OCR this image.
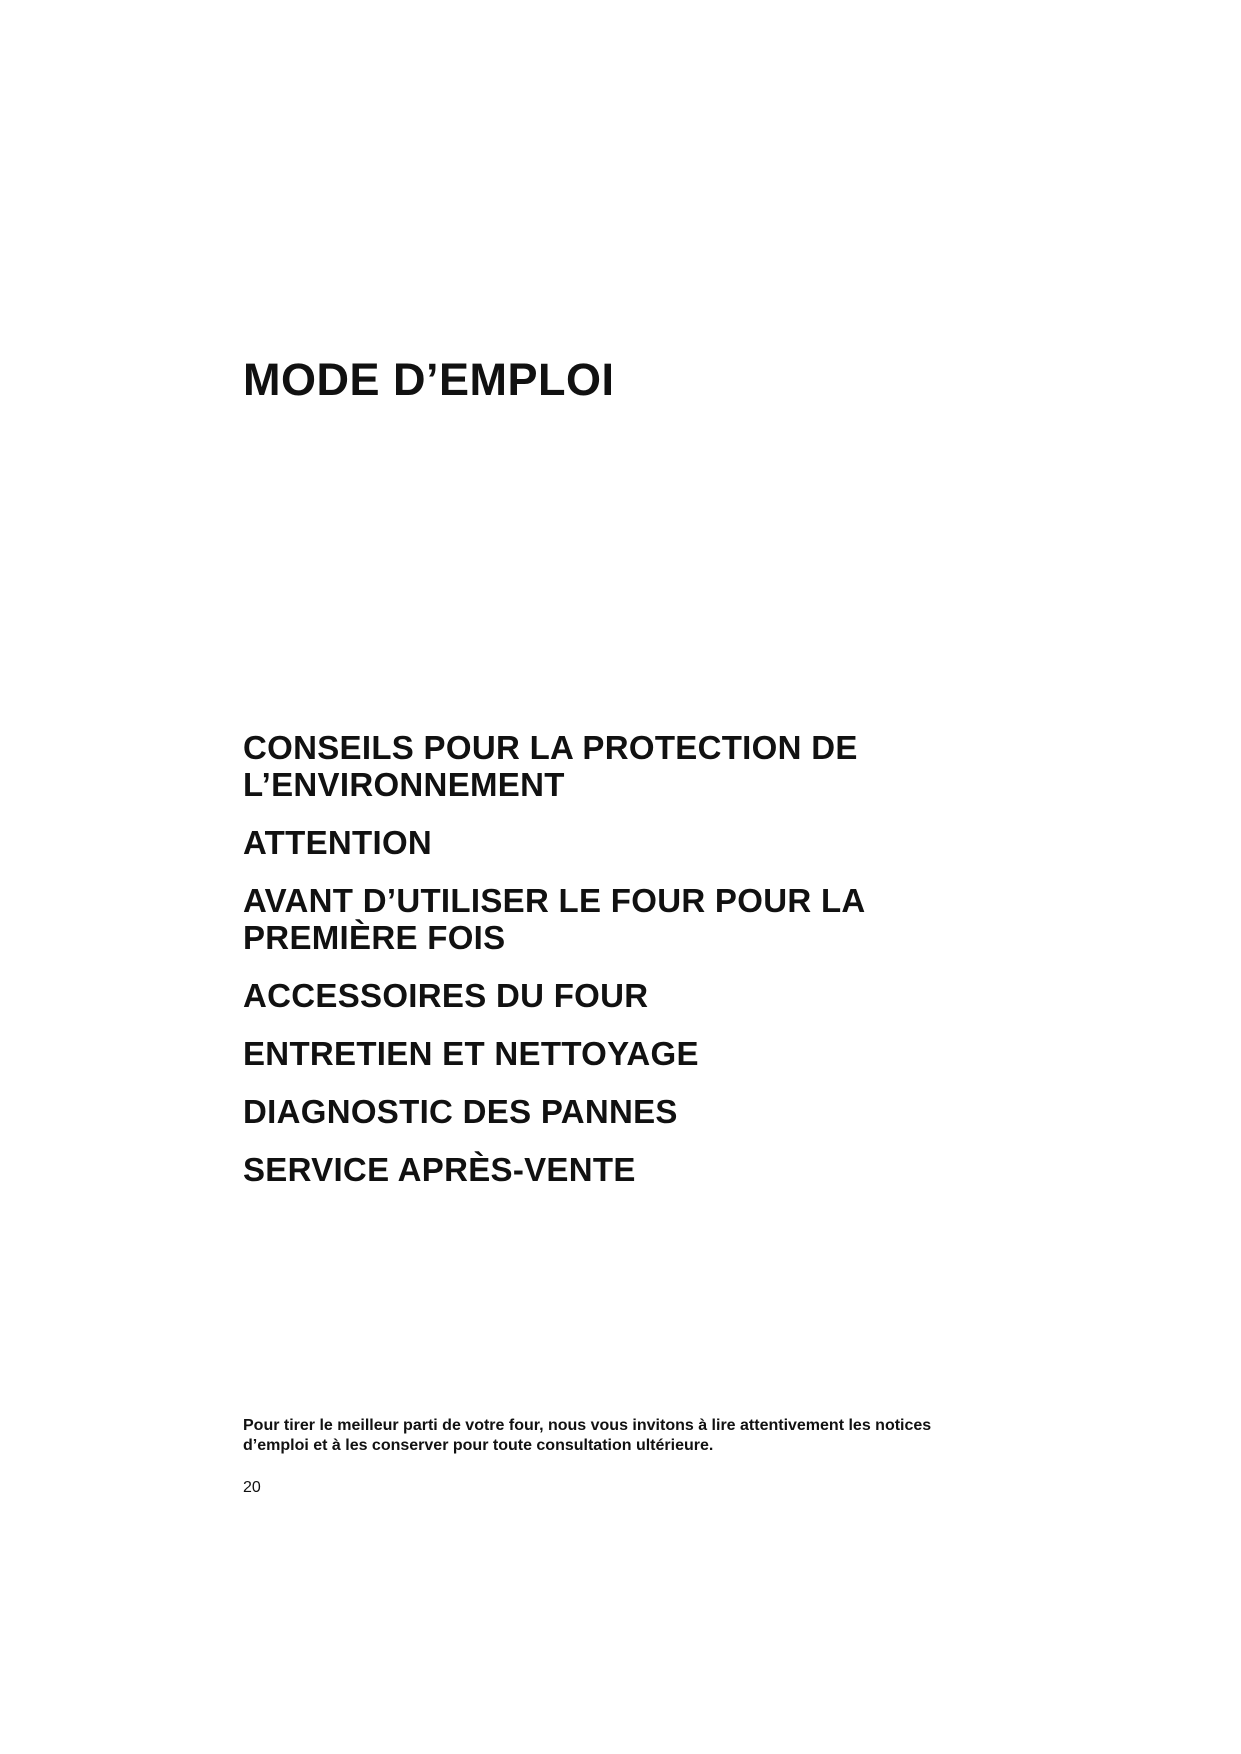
MODE D’EMPLOI
CONSEILS POUR LA PROTECTION DE
L’ENVIRONNEMENT
ATTENTION
AVANT D’UTILISER LE FOUR POUR LA
PREMIÈRE FOIS
ACCESSOIRES DU FOUR
ENTRETIEN ET NETTOYAGE
DIAGNOSTIC DES PANNES
SERVICE APRÈS-VENTE

Pour tirer le meilleur parti de votre four, nous vous invitons à lire attentivement les notices
d’emploi et à les conserver pour toute consultation ultérieure.

20
